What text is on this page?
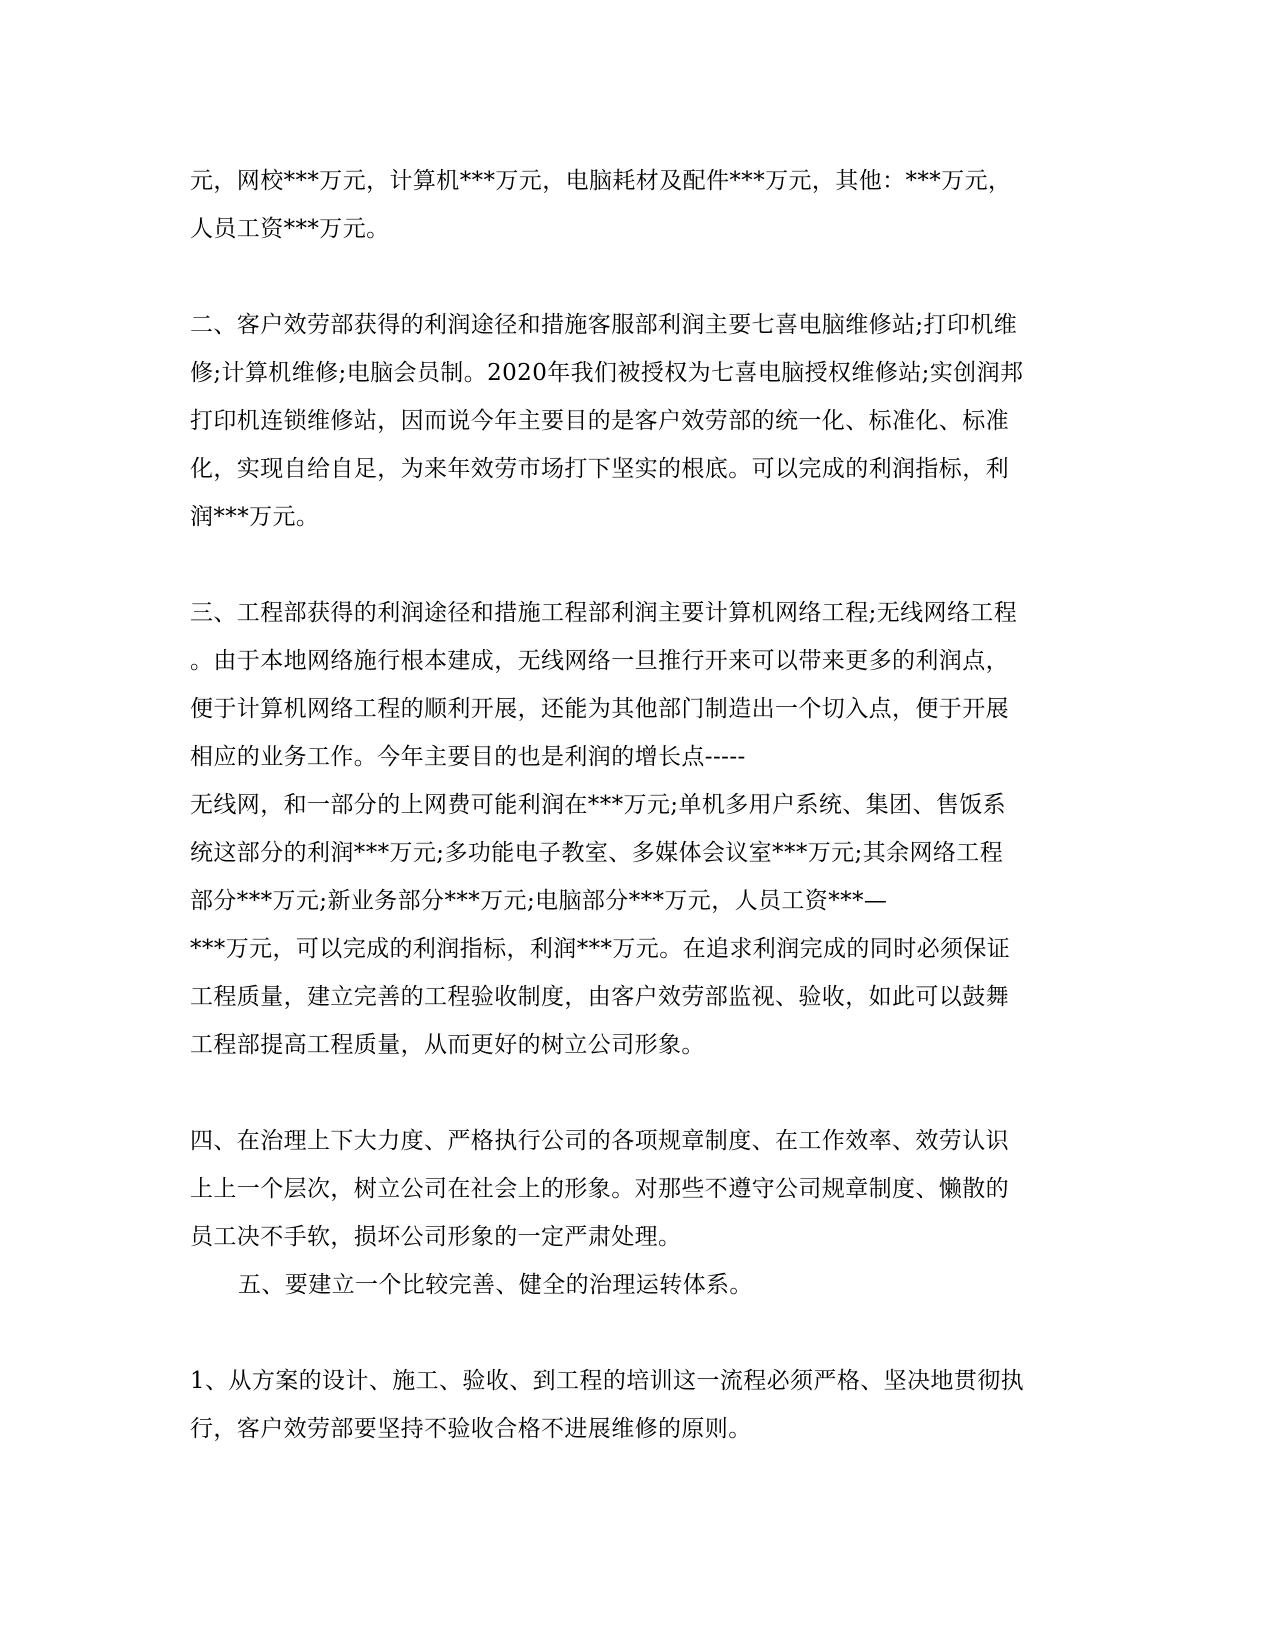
元，网校***万元，计算机***万元，电脑耗材及配件***万元，其他：***万元，
人员工资***万元。
二、客户效劳部获得的利润途径和措施客服部利润主要七喜电脑维修站;打印机维
修;计算机维修;电脑会员制。2020年我们被授权为七喜电脑授权维修站;实创润邦
打印机连锁维修站，因而说今年主要目的是客户效劳部的统一化、标准化、标准
化，实现自给自足，为来年效劳市场打下坚实的根底。可以完成的利润指标，利
润***万元。
三、工程部获得的利润途径和措施工程部利润主要计算机网络工程;无线网络工程
。由于本地网络施行根本建成，无线网络一旦推行开来可以带来更多的利润点，
便于计算机网络工程的顺利开展，还能为其他部门制造出一个切入点，便于开展
相应的业务工作。今年主要目的也是利润的增长点-----
无线网，和一部分的上网费可能利润在***万元;单机多用户系统、集团、售饭系
统这部分的利润***万元;多功能电子教室、多媒体会议室***万元;其余网络工程
部分***万元;新业务部分***万元;电脑部分***万元，人员工资***—
***万元，可以完成的利润指标，利润***万元。在追求利润完成的同时必须保证
工程质量，建立完善的工程验收制度，由客户效劳部监视、验收，如此可以鼓舞
工程部提高工程质量，从而更好的树立公司形象。
四、在治理上下大力度、严格执行公司的各项规章制度、在工作效率、效劳认识
上上一个层次，树立公司在社会上的形象。对那些不遵守公司规章制度、懒散的
员工决不手软，损坏公司形象的一定严肃处理。
五、要建立一个比较完善、健全的治理运转体系。
1、从方案的设计、施工、验收、到工程的培训这一流程必须严格、坚决地贯彻执
行，客户效劳部要坚持不验收合格不进展维修的原则。
